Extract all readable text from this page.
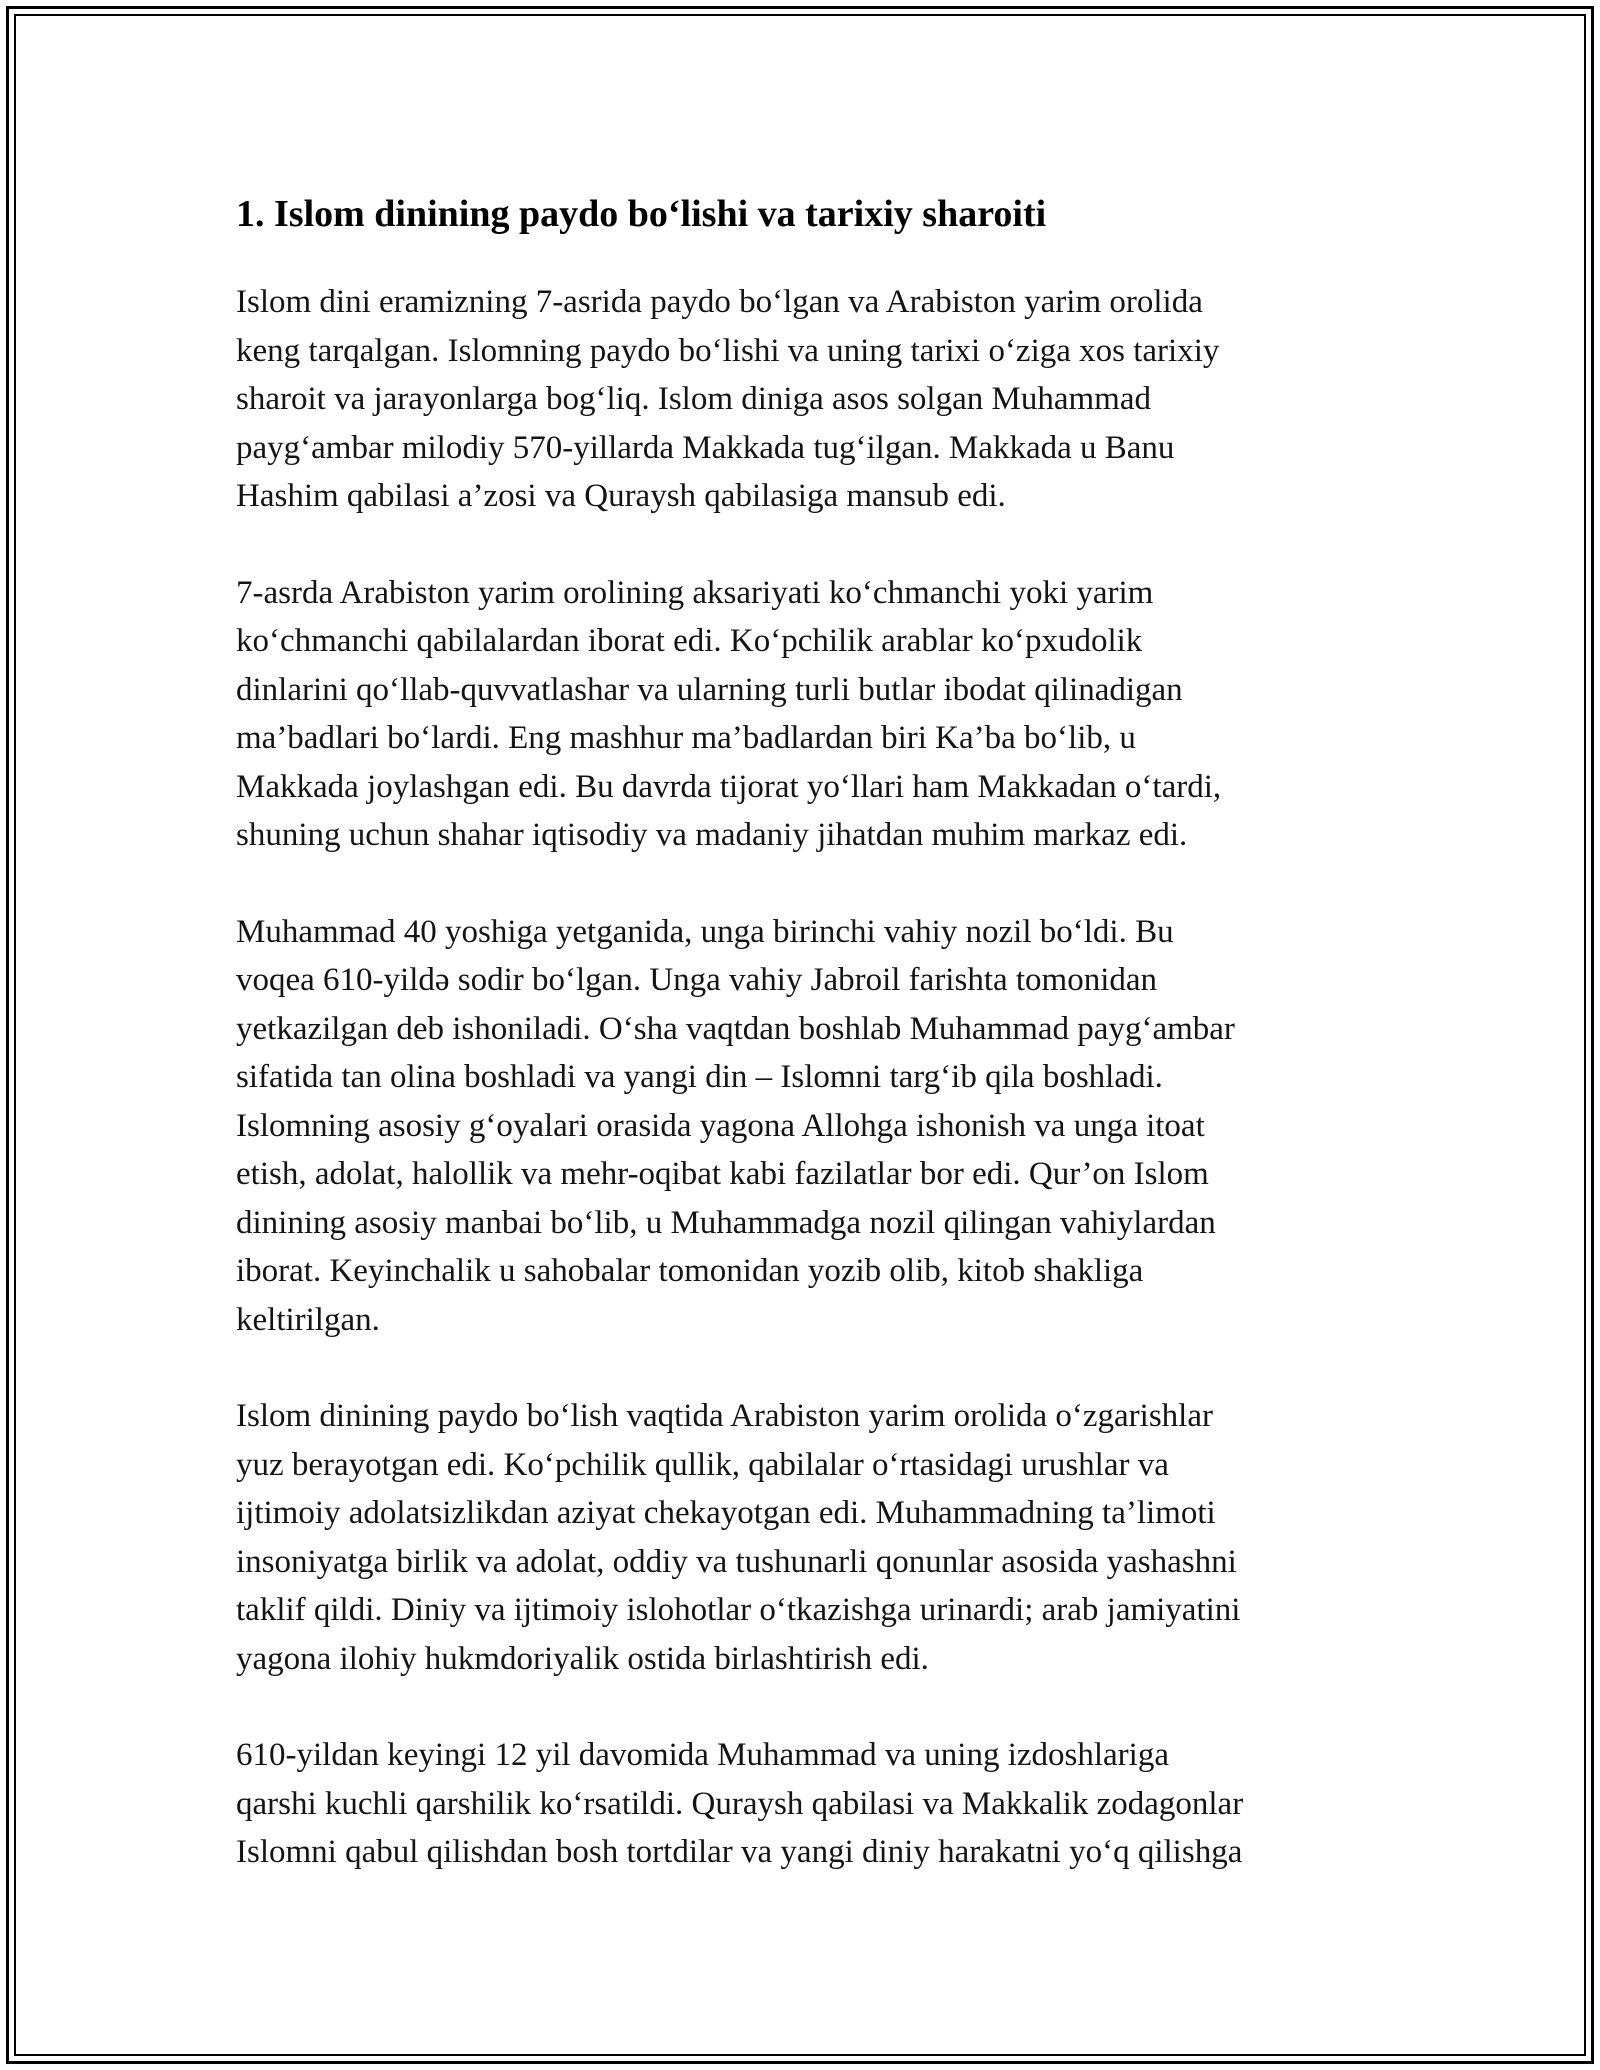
1. Islom dinining paydo bo‘lishi va tarixiy sharoiti

Islom dini eramizning 7-asrida paydo bo‘lgan va Arabiston yarim orolida
keng tarqalgan. Islomning paydo bo‘lishi va uning tarixi o‘ziga xos tarixiy
sharoit va jarayonlarga bog‘liq. Islom diniga asos solgan Muhammad
payg‘ambar milodiy 570-yillarda Makkada tug‘ilgan. Makkada u Banu
Hashim qabilasi a’zosi va Quraysh qabilasiga mansub edi.

7-asrda Arabiston yarim orolining aksariyati ko‘chmanchi yoki yarim
ko‘chmanchi qabilalardan iborat edi. Ko‘pchilik arablar ko‘pxudolik
dinlarini qo‘llab-quvvatlashar va ularning turli butlar ibodat qilinadigan
ma’badlari bo‘lardi. Eng mashhur ma’badlardan biri Ka’ba bo‘lib, u
Makkada joylashgan edi. Bu davrda tijorat yo‘llari ham Makkadan o‘tardi,
shuning uchun shahar iqtisodiy va madaniy jihatdan muhim markaz edi.

Muhammad 40 yoshiga yetganida, unga birinchi vahiy nozil bo‘ldi. Bu
voqea 610-yildə sodir bo‘lgan. Unga vahiy Jabroil farishta tomonidan
yetkazilgan deb ishoniladi. O‘sha vaqtdan boshlab Muhammad payg‘ambar
sifatida tan olina boshladi va yangi din – Islomni targ‘ib qila boshladi.
Islomning asosiy g‘oyalari orasida yagona Allohga ishonish va unga itoat
etish, adolat, halollik va mehr-oqibat kabi fazilatlar bor edi. Qur’on Islom
dinining asosiy manbai bo‘lib, u Muhammadga nozil qilingan vahiylardan
iborat. Keyinchalik u sahobalar tomonidan yozib olib, kitob shakliga
keltirilgan.

Islom dinining paydo bo‘lish vaqtida Arabiston yarim orolida o‘zgarishlar
yuz berayotgan edi. Ko‘pchilik qullik, qabilalar o‘rtasidagi urushlar va
ijtimoiy adolatsizlikdan aziyat chekayotgan edi. Muhammadning ta’limoti
insoniyatga birlik va adolat, oddiy va tushunarli qonunlar asosida yashashni
taklif qildi. Diniy va ijtimoiy islohotlar o‘tkazishga urinardi; arab jamiyatini
yagona ilohiy hukmdoriyalik ostida birlashtirish edi.

610-yildan keyingi 12 yil davomida Muhammad va uning izdoshlariga
qarshi kuchli qarshilik ko‘rsatildi. Quraysh qabilasi va Makkalik zodagonlar
Islomni qabul qilishdan bosh tortdilar va yangi diniy harakatni yo‘q qilishga
